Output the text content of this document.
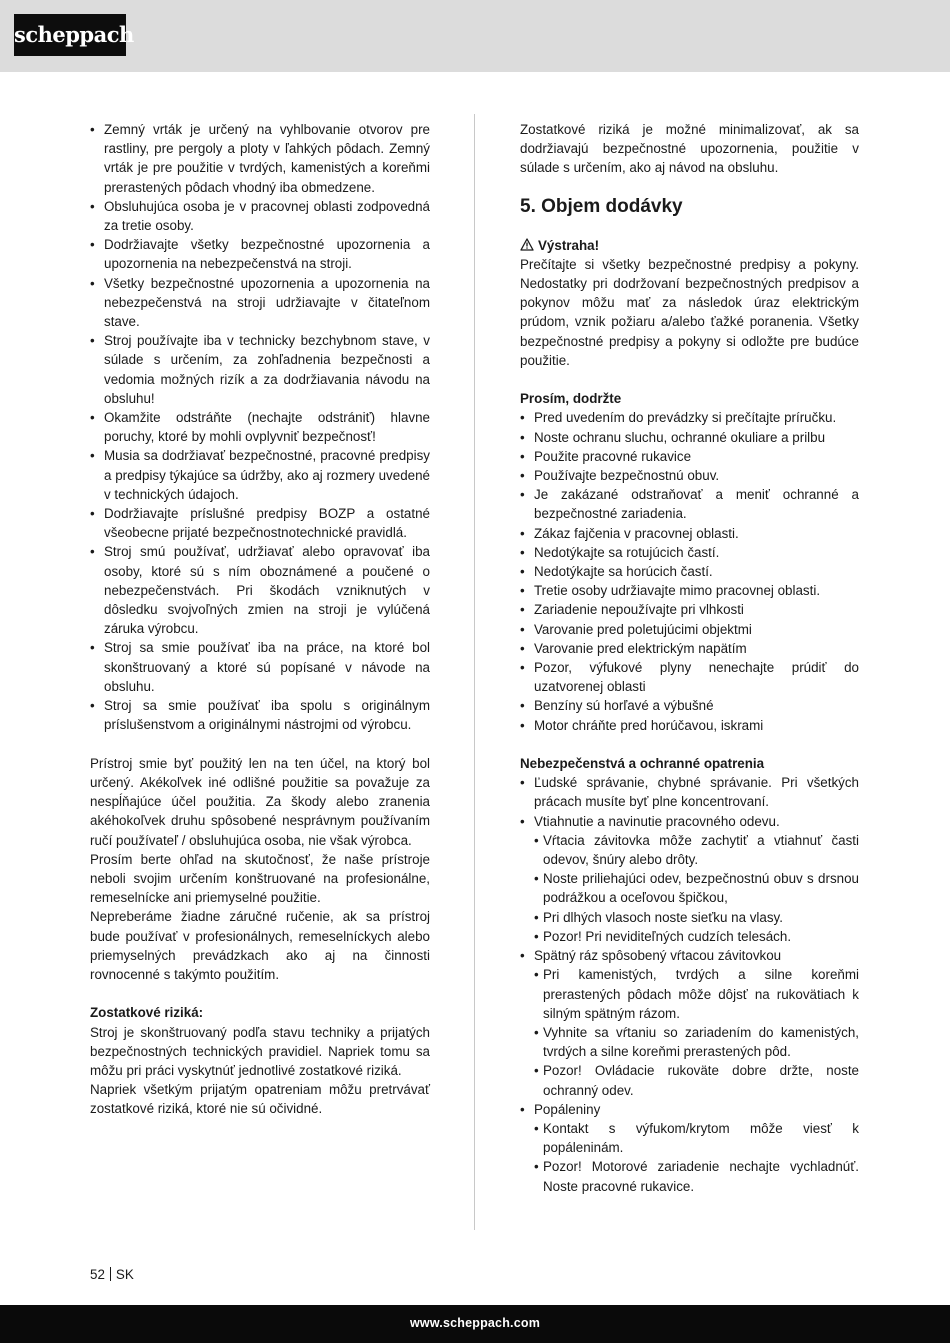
scheppach
• Zemný vrták je určený na vyhlbovanie otvorov pre rastliny, pre pergoly a ploty v ľahkých pôdach. Zemný vrták je pre použitie v tvrdých, kamenistých a koreňmi prerastených pôdach vhodný iba obmedzene.
• Obsluhujúca osoba je v pracovnej oblasti zodpovedná za tretie osoby.
• Dodržiavajte všetky bezpečnostné upozornenia a upozornenia na nebezpečenstvá na stroji.
• Všetky bezpečnostné upozornenia a upozornenia na nebezpečenstvá na stroji udržiavajte v čitateľnom stave.
• Stroj používajte iba v technicky bezchybnom stave, v súlade s určením, za zohľadnenia bezpečnosti a vedomia možných rizík a za dodržiavania návodu na obsluhu!
• Okamžite odstráňte (nechajte odstrániť) hlavne poruchy, ktoré by mohli ovplyvniť bezpečnosť!
• Musia sa dodržiavať bezpečnostné, pracovné predpisy a predpisy týkajúce sa údržby, ako aj rozmery uvedené v technických údajoch.
• Dodržiavajte príslušné predpisy BOZP a ostatné všeobecne prijaté bezpečnostnotechnické pravidlá.
• Stroj smú používať, udržiavať alebo opravovať iba osoby, ktoré sú s ním oboznámené a poučené o nebezpečenstvách. Pri škodách vzniknutých v dôsledku svojvoľných zmien na stroji je vylúčená záruka výrobcu.
• Stroj sa smie používať iba na práce, na ktoré bol skonštruovaný a ktoré sú popísané v návode na obsluhu.
• Stroj sa smie používať iba spolu s originálnym príslušenstvom a originálnymi nástrojmi od výrobcu.

Prístroj smie byť použitý len na ten účel, na ktorý bol určený. Akékoľvek iné odlišné použitie sa považuje za nespĺňajúce účel použitia. Za škody alebo zranenia akéhokoľvek druhu spôsobené nesprávnym používaním ručí používateľ / obsluhujúca osoba, nie však výrobca.

Prosím berte ohľad na skutočnosť, že naše prístroje neboli svojim určením konštruované na profesionálne, remeselnícke ani priemyselné použitie.

Nepreberáme žiadne záručné ručenie, ak sa prístroj bude používať v profesionálnych, remeselníckych alebo priemyselných prevádzkach ako aj na činnosti rovnocenné s takýmto použitím.

Zostatkové riziká:

Stroj je skonštruovaný podľa stavu techniky a prijatých bezpečnostných technických pravidiel. Napriek tomu sa môžu pri práci vyskytnúť jednotlivé zostatkové riziká.

Napriek všetkým prijatým opatreniam môžu pretrvávať zostatkové riziká, ktoré nie sú očividné.

Zostatkové riziká je možné minimalizovať, ak sa dodržiavajú bezpečnostné upozornenia, použitie v súlade s určením, ako aj návod na obsluhu.

5. Objem dodávky

Výstraha!

Prečítajte si všetky bezpečnostné predpisy a pokyny. Nedostatky pri dodržovaní bezpečnostných predpisov a pokynov môžu mať za následok úraz elektrickým prúdom, vznik požiaru a/alebo ťažké poranenia. Všetky bezpečnostné predpisy a pokyny si odložte pre budúce použitie.

Prosím, dodržte

• Pred uvedením do prevádzky si prečítajte príručku.
• Noste ochranu sluchu, ochranné okuliare a prilbu
• Použite pracovné rukavice
• Používajte bezpečnostnú obuv.
• Je zakázané odstraňovať a meniť ochranné a bezpečnostné zariadenia.
• Zákaz fajčenia v pracovnej oblasti.
• Nedotýkajte sa rotujúcich častí.
• Nedotýkajte sa horúcich častí.
• Tretie osoby udržiavajte mimo pracovnej oblasti.
• Zariadenie nepoužívajte pri vlhkosti
• Varovanie pred poletujúcimi objektmi
• Varovanie pred elektrickým napätím
• Pozor, výfukové plyny nenechajte prúdiť do uzatvorenej oblasti
• Benzíny sú horľavé a výbušné
• Motor chráňte pred horúčavou, iskrami

Nebezpečenstvá a ochranné opatrenia

• Ľudské správanie, chybné správanie. Pri všetkých prácach musíte byť plne koncentrovaní.
• Vtiahnutie a navinutie pracovného odevu.
• Vŕtacia závitovka môže zachytiť a vtiahnuť časti odevov, šnúry alebo drôty.
• Noste priliehajúci odev, bezpečnostnú obuv s drsnou podrážkou a oceľovou špičkou,
• Pri dlhých vlasoch noste sieťku na vlasy.
• Pozor! Pri neviditeľných cudzích telesách.
• Spätný ráz spôsobený vŕtacou závitovkou
• Pri kamenistých, tvrdých a silne koreňmi prerastených pôdach môže dôjsť na rukovätiach k silným spätným rázom.
• Vyhnite sa vŕtaniu so zariadením do kamenistých, tvrdých a silne koreňmi prerastených pôd.
• Pozor! Ovládacie rukoväte dobre držte, noste ochranný odev.
• Popáleniny
• Kontakt s výfukom/krytom môže viesť k popáleninám.
• Pozor! Motorové zariadenie nechajte vychladnúť. Noste pracovné rukavice.
52 SK
www.scheppach.com
